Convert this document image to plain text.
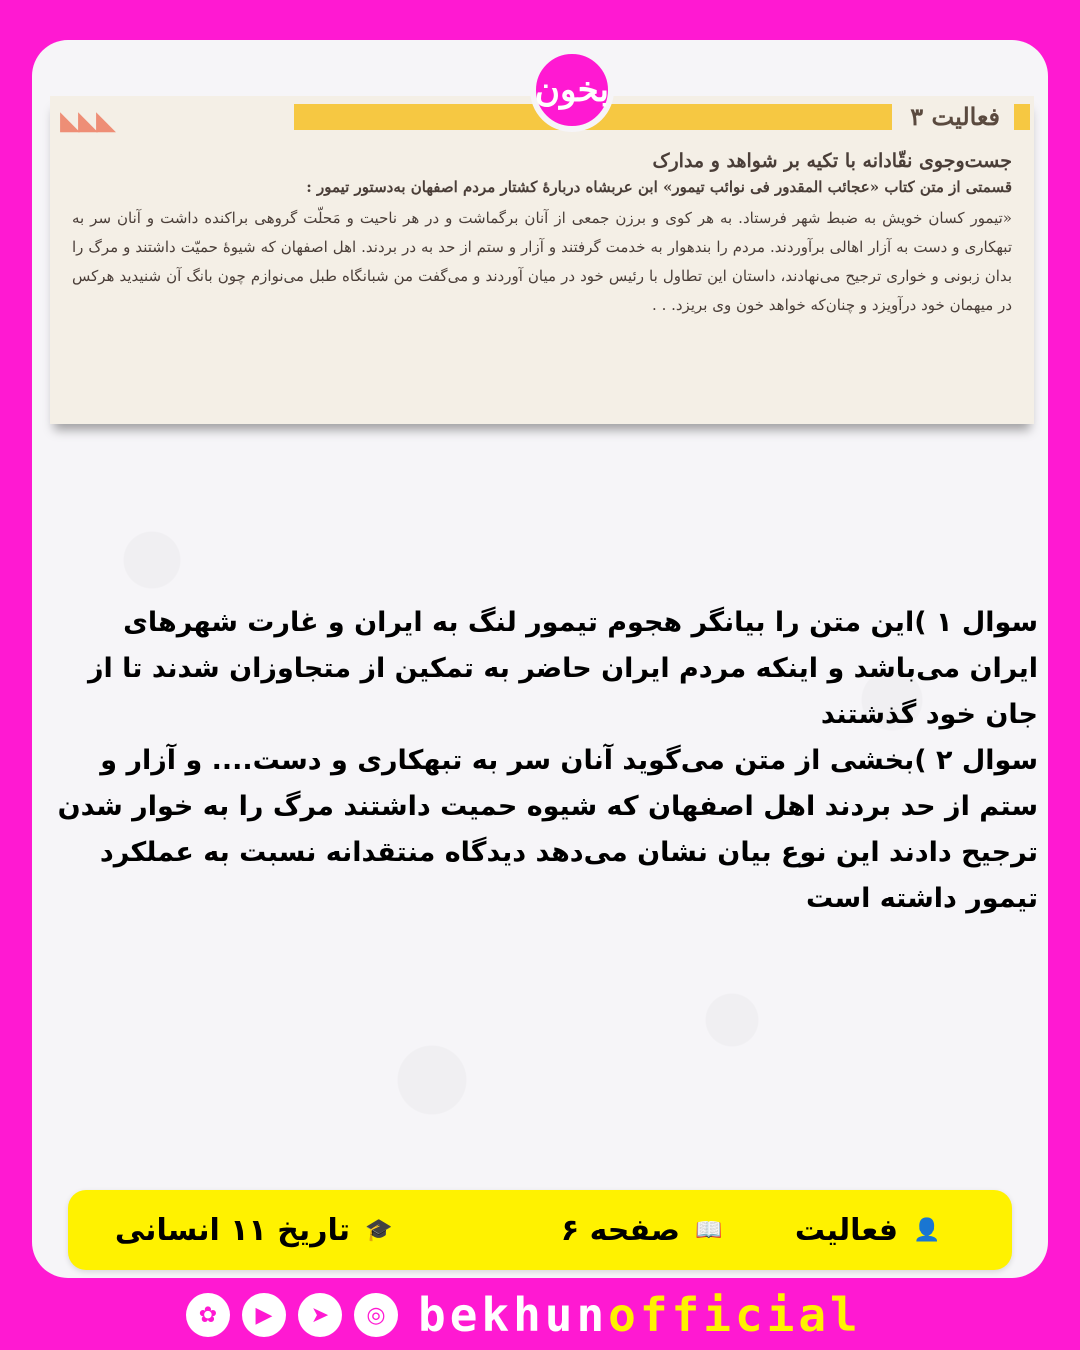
بخون
فعالیت ۳
◣◣◣

جست‌و‌جوی نقّادانه با تکیه بر شواهد و مدارک

قسمتی از متن کتاب «عجائب المقدور فی نوائب تیمور» ابن عربشاه دربارهٔ کشتار مردم اصفهان به‌دستور تیمور :

«تیمور کسان خویش به ضبط شهر فرستاد. به هر کوی و برزن جمعی از آنان برگماشت و در هر ناحیت و مَحلّت گروهی براکنده داشت و آنان سر به تبهکاری و دست به آزار اهالی برآوردند. مردم را بندهوار به خدمت گرفتند و آزار و ستم از حد به در بردند. اهل اصفهان که شیوهٔ حمیّت داشتند و مرگ را بدان زبونی و خواری ترجیح می‌نهادند، داستان این تطاول با رئیس خود در میان آوردند و می‌گفت من شبانگاه طبل می‌نوازم چون بانگ آن شنیدید هرکس در میهمان خود درآویزد و چنان‌که خواهد خون وی بریزد. . .

سوال ۱ )این متن را بیانگر هجوم تیمور لنگ به ایران و غارت شهرهای ایران می‌باشد و اینکه مردم ایران حاضر به تمکین از متجاوزان شدند تا از جان خود گذشتند

سوال ۲ )بخشی از متن می‌گوید آنان سر به تبهکاری و دست.... و آزار و ستم از حد بردند اهل اصفهان که شیوه حمیت داشتند مرگ را به خوار شدن ترجیح دادند این نوع بیان نشان می‌دهد دیدگاه منتقدانه نسبت به عملکرد تیمور داشته است

👤
فعالیت
📖
صفحه ۶
🎓
تاریخ ۱۱ انسانی
✿	▶	➤	◎ bekhunofficial
